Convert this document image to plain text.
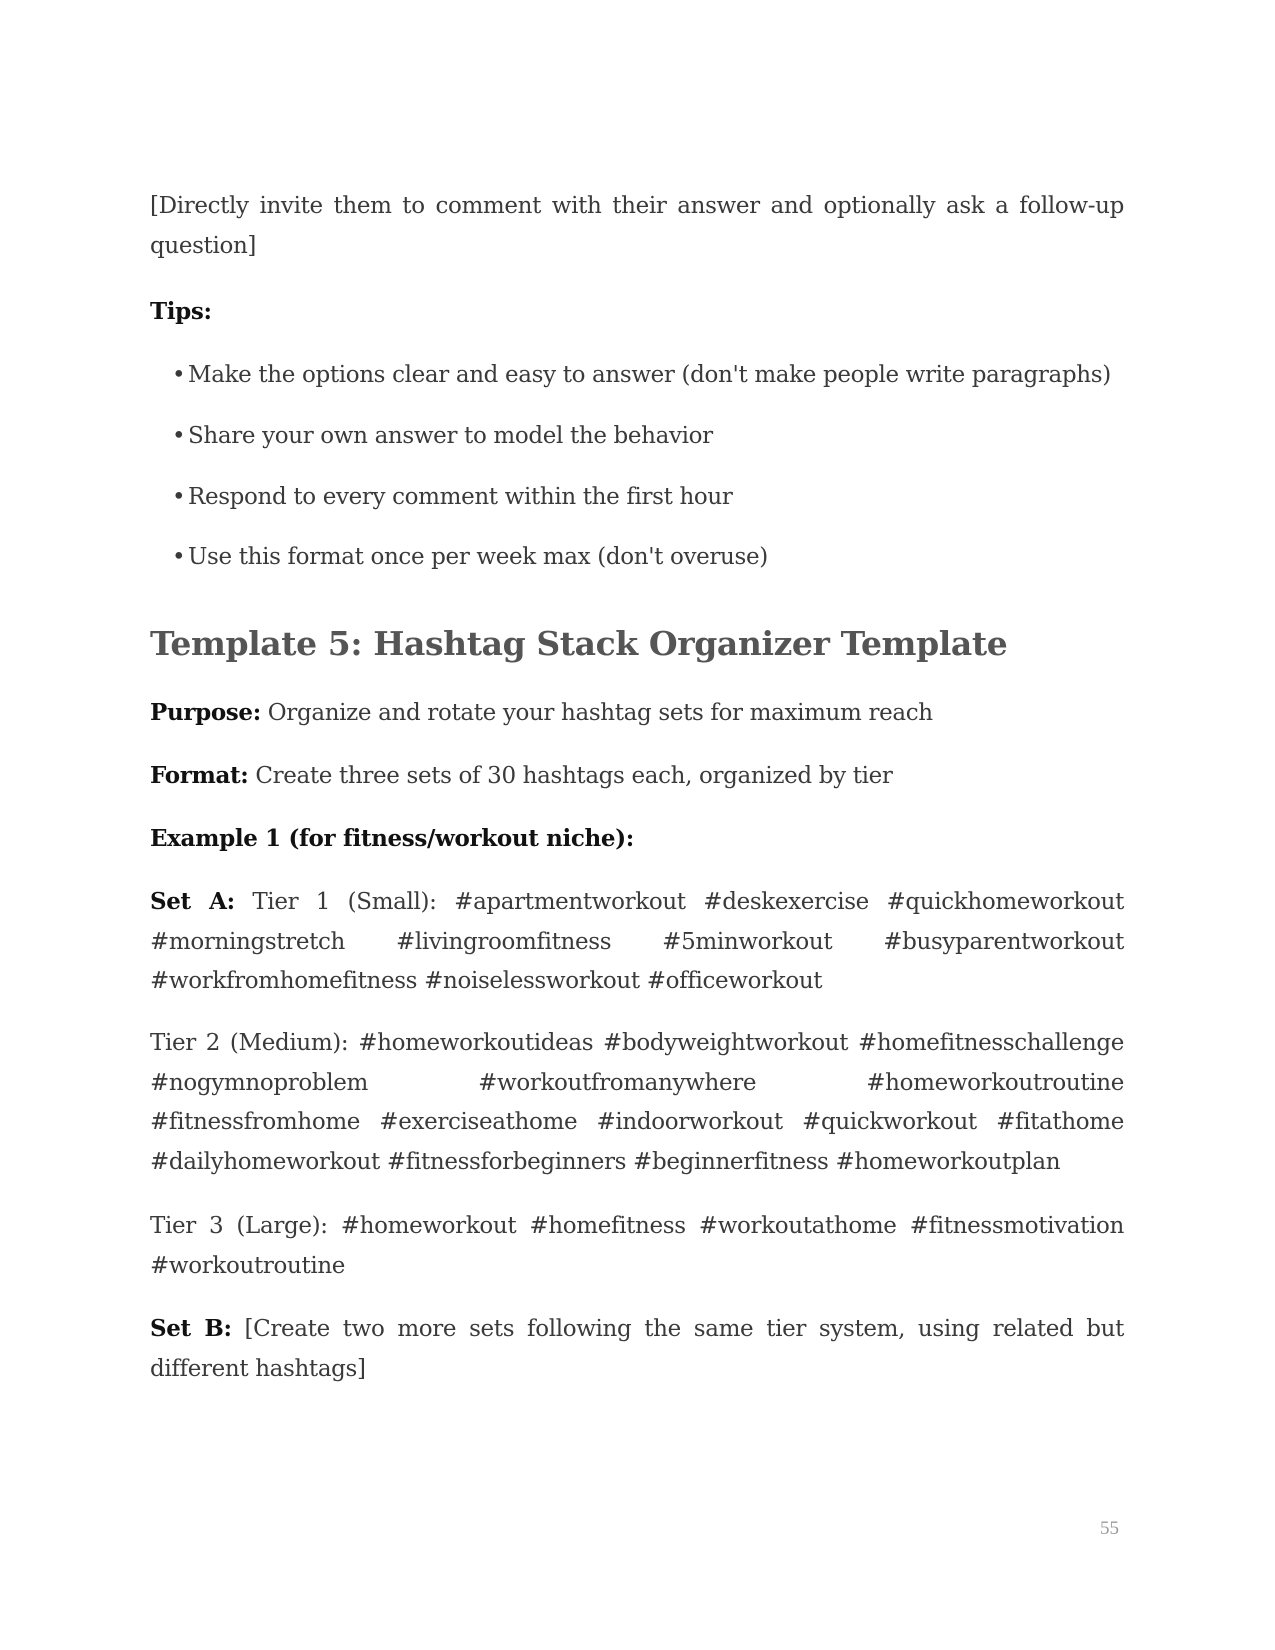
[Directly invite them to comment with their answer and optionally ask a follow-up question]

Tips:

• Make the options clear and easy to answer (don't make people write paragraphs)
• Share your own answer to model the behavior
• Respond to every comment within the first hour
• Use this format once per week max (don't overuse)
Template 5: Hashtag Stack Organizer Template

Purpose: Organize and rotate your hashtag sets for maximum reach

Format: Create three sets of 30 hashtags each, organized by tier

Example 1 (for fitness/workout niche):

Set A: Tier 1 (Small): #apartmentworkout #deskexercise #quickhomeworkout #morningstretch #livingroomfitness #5minworkout #busyparentworkout #workfromhomefitness #noiselessworkout #officeworkout

Tier 2 (Medium): #homeworkoutideas #bodyweightworkout #homefitnesschallenge #nogymnoproblem #workoutfromanywhere #homeworkoutroutine #fitnessfromhome #exerciseathome #indoorworkout #quickworkout #fitathome #dailyhomeworkout #fitnessforbeginners #beginnerfitness #homeworkoutplan

Tier 3 (Large): #homeworkout #homefitness #workoutathome #fitnessmotivation #workoutroutine

Set B: [Create two more sets following the same tier system, using related but different hashtags]

55
